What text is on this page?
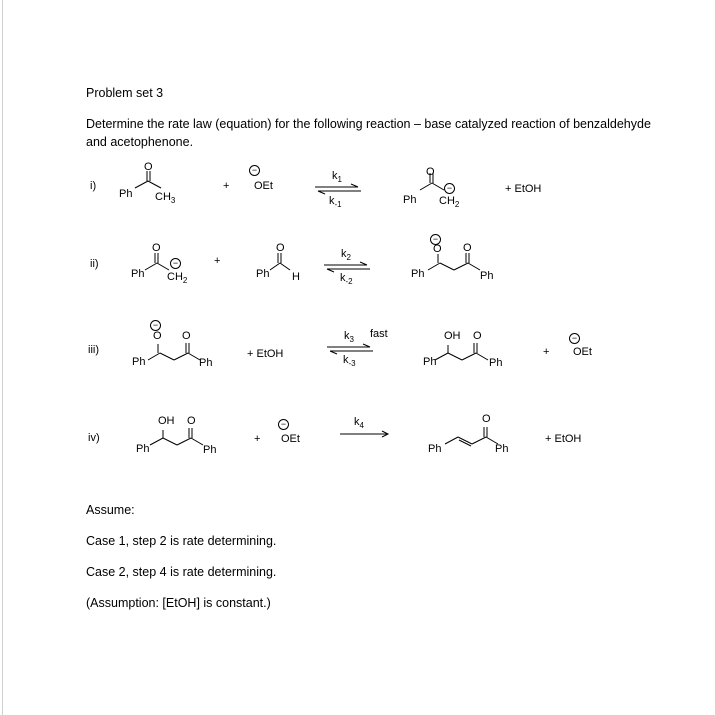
Problem set 3
Determine the rate law (equation) for the following reaction – base catalyzed reaction of benzaldehyde
and acetophenone.
i)
O
Ph $CH_3$
+
− OEt
$k_1$
$k_{-1}$
O
Ph
− $CH_2$
+ EtOH
ii)
O
Ph
− $CH_2$
+
O
Ph H
$k_2$
$k_{-2}$
−
O O
Ph	Ph
iii)
−
O O
Ph	Ph
+ EtOH
$k_3$ fast
$k_{-3}$
OH O
Ph	Ph
+
− OEt
iv)
OH O
Ph	Ph
+
− OEt
$k_4$
O
Ph	Ph
+ EtOH
Assume:
Case 1, step 2 is rate determining.
Case 2, step 4 is rate determining.
(Assumption: [EtOH] is constant.)
